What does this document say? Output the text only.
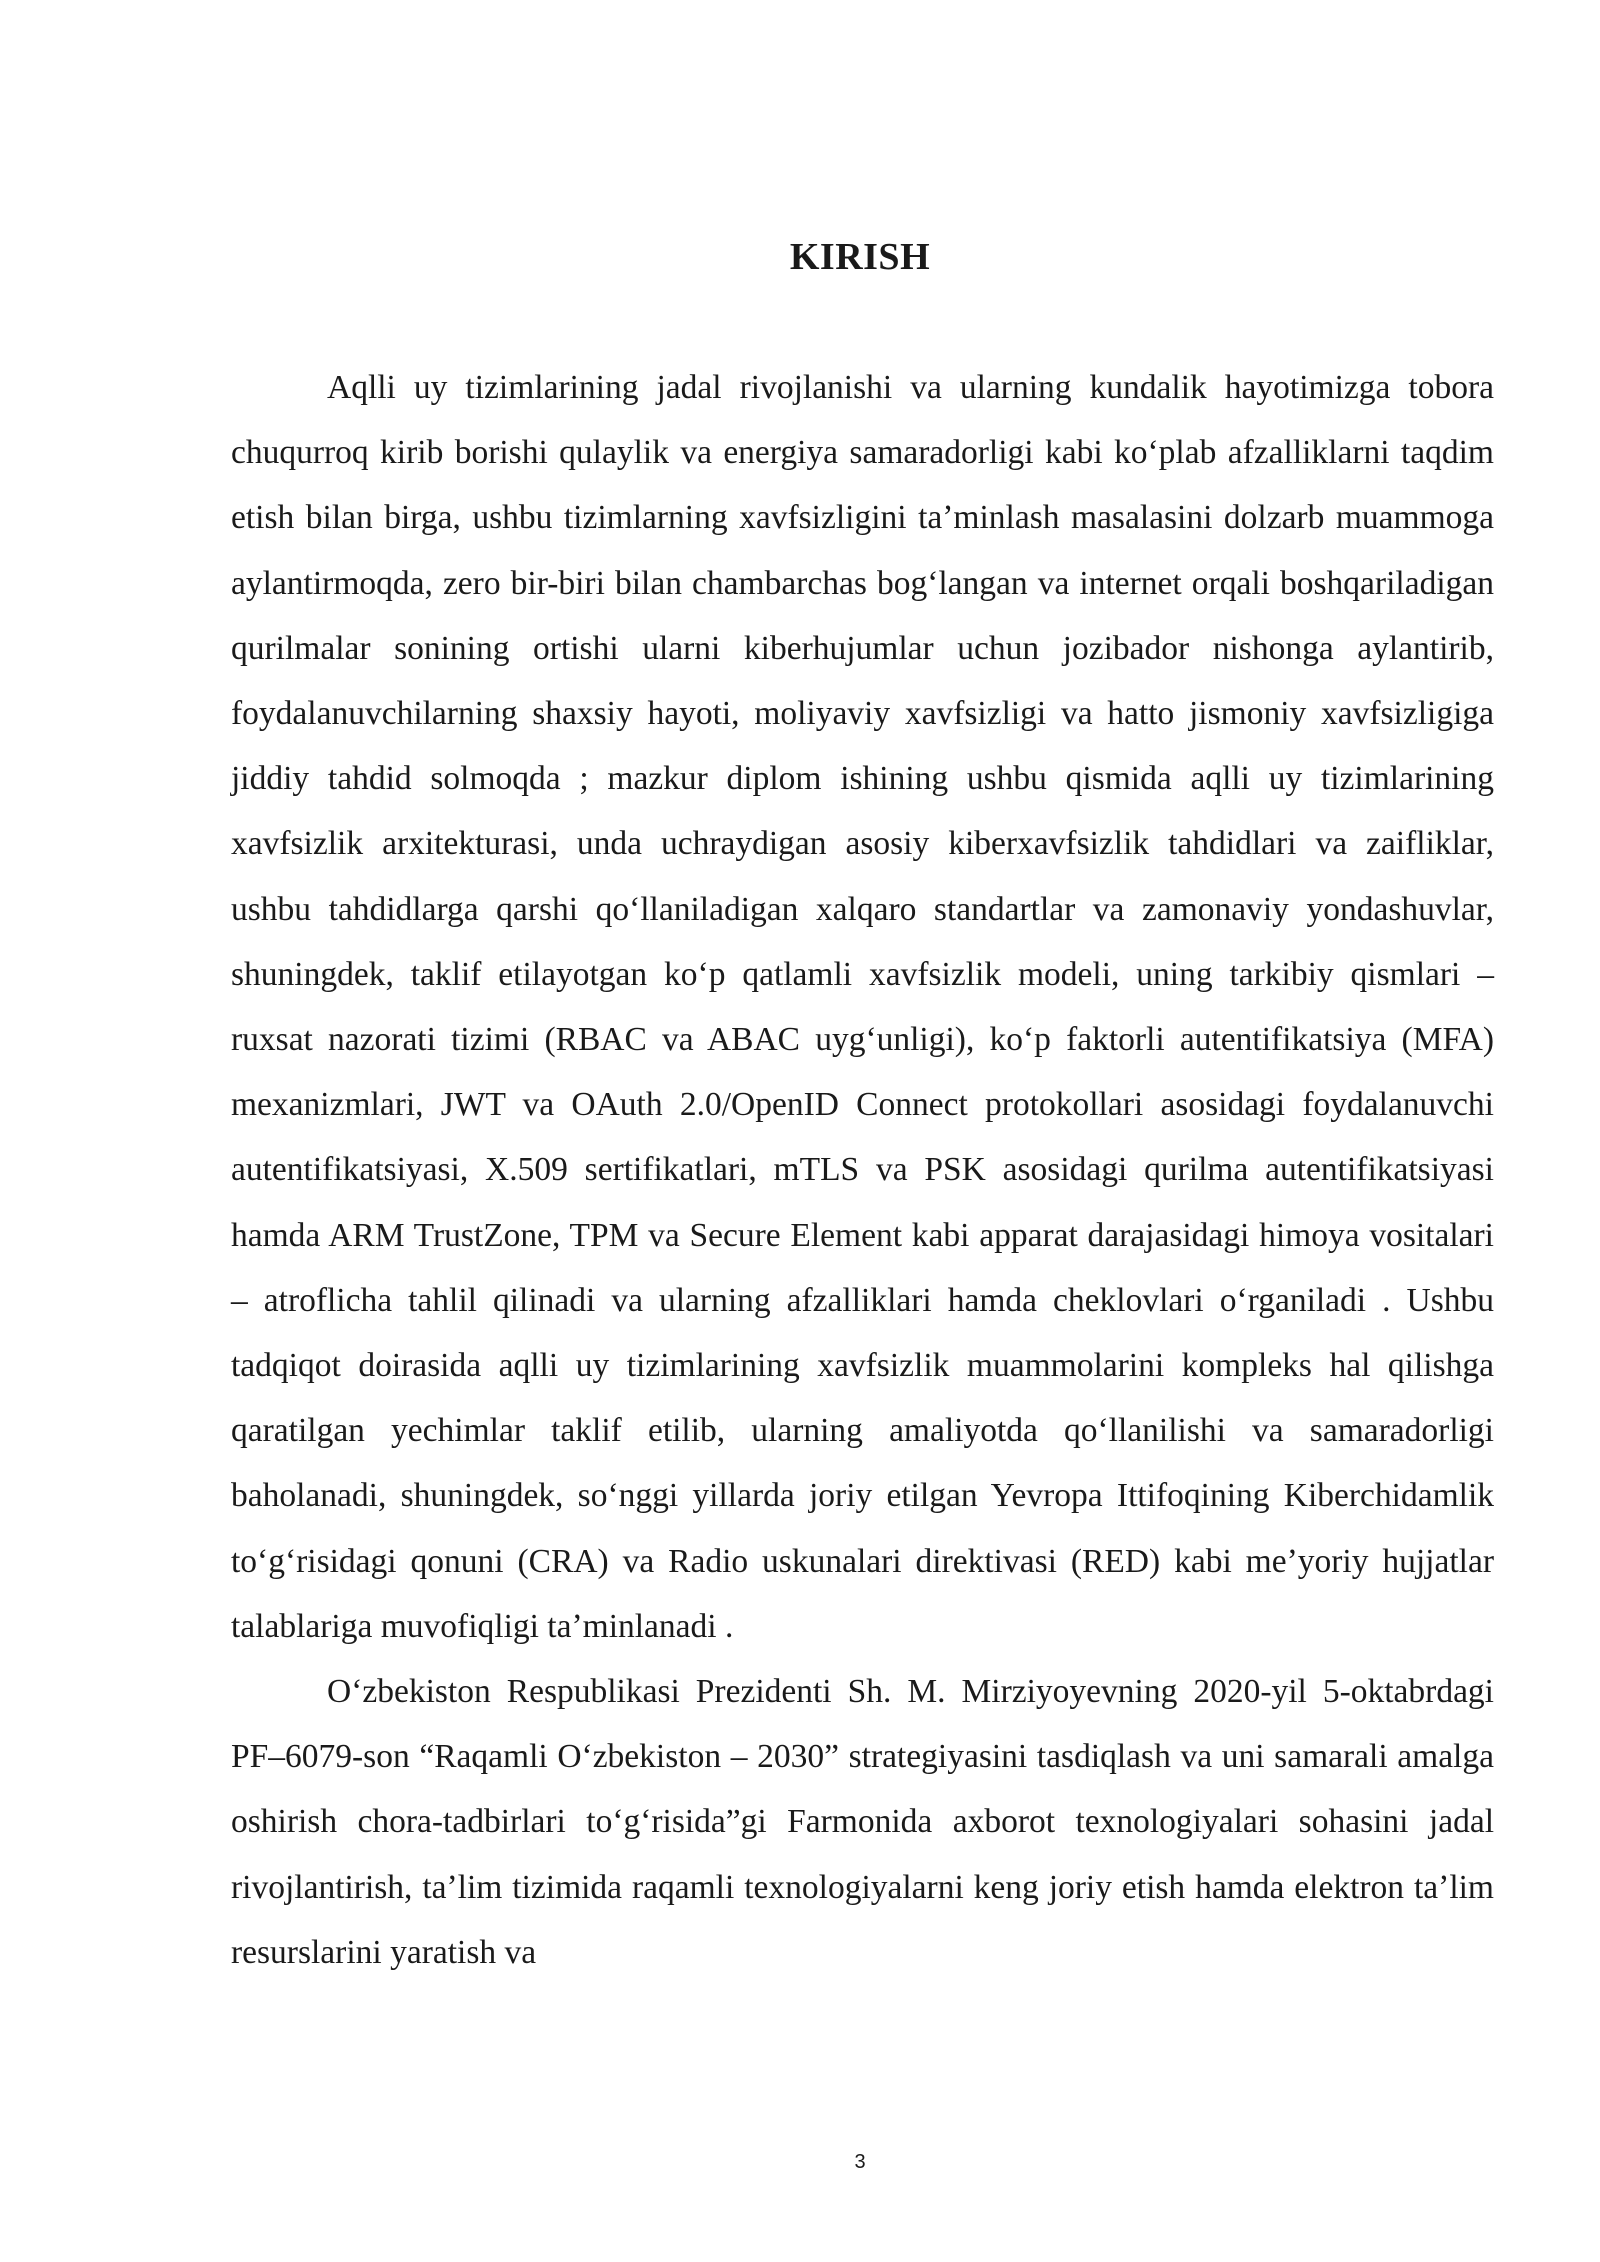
KIRISH

Aqlli uy tizimlarining jadal rivojlanishi va ularning kundalik hayotimizga tobora chuqurroq kirib borishi qulaylik va energiya samaradorligi kabi koʻplab afzalliklarni taqdim etish bilan birga, ushbu tizimlarning xavfsizligini taʼminlash masalasini dolzarb muammoga aylantirmoqda, zero bir-biri bilan chambarchas bogʻlangan va internet orqali boshqariladigan qurilmalar sonining ortishi ularni kiberhujumlar uchun jozibador nishonga aylantirib, foydalanuvchilarning shaxsiy hayoti, moliyaviy xavfsizligi va hatto jismoniy xavfsizligiga jiddiy tahdid solmoqda ; mazkur diplom ishining ushbu qismida aqlli uy tizimlarining xavfsizlik arxitekturasi, unda uchraydigan asosiy kiberxavfsizlik tahdidlari va zaifliklar, ushbu tahdidlarga qarshi qoʻllaniladigan xalqaro standartlar va zamonaviy yondashuvlar, shuningdek, taklif etilayotgan koʻp qatlamli xavfsizlik modeli, uning tarkibiy qismlari – ruxsat nazorati tizimi (RBAC va ABAC uygʻunligi), koʻp faktorli autentifikatsiya (MFA) mexanizmlari, JWT va OAuth 2.0/OpenID Connect protokollari asosidagi foydalanuvchi autentifikatsiyasi, X.509 sertifikatlari, mTLS va PSK asosidagi qurilma autentifikatsiyasi hamda ARM TrustZone, TPM va Secure Element kabi apparat darajasidagi himoya vositalari – atroflicha tahlil qilinadi va ularning afzalliklari hamda cheklovlari oʻrganiladi . Ushbu tadqiqot doirasida aqlli uy tizimlarining xavfsizlik muammolarini kompleks hal qilishga qaratilgan yechimlar taklif etilib, ularning amaliyotda qoʻllanilishi va samaradorligi baholanadi, shuningdek, soʻnggi yillarda joriy etilgan Yevropa Ittifoqining Kiberchidamlik toʻgʻrisidagi qonuni (CRA) va Radio uskunalari direktivasi (RED) kabi meʼyoriy hujjatlar talablariga muvofiqligi taʼminlanadi .

Oʻzbekiston Respublikasi Prezidenti Sh. M. Mirziyoyevning 2020-yil 5-oktabrdagi PF–6079-son “Raqamli Oʻzbekiston – 2030” strategiyasini tasdiqlash va uni samarali amalga oshirish chora-tadbirlari toʻgʻrisida”gi Farmonida axborot texnologiyalari sohasini jadal rivojlantirish, taʼlim tizimida raqamli texnologiyalarni keng joriy etish hamda elektron taʼlim resurslarini yaratish va

3
